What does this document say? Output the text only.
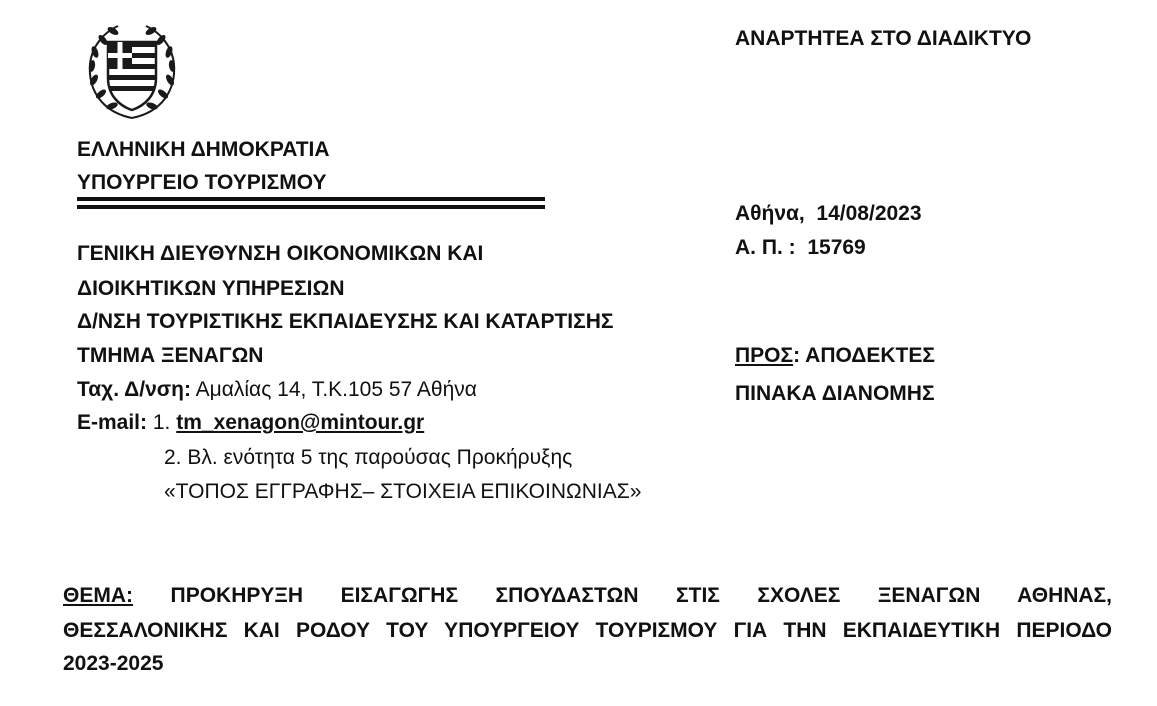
ΕΛΛΗΝΙΚΗ ΔΗΜΟΚΡΑΤΙΑ
ΥΠΟΥΡΓΕΙΟ ΤΟΥΡΙΣΜΟΥ
ΓΕΝΙΚΗ ΔΙΕΥΘΥΝΣΗ ΟΙΚΟΝΟΜΙΚΩΝ ΚΑΙ
ΔΙΟΙΚΗΤΙΚΩΝ ΥΠΗΡΕΣΙΩΝ
Δ/ΝΣΗ ΤΟΥΡΙΣΤΙΚΗΣ ΕΚΠΑΙΔΕΥΣΗΣ ΚΑΙ ΚΑΤΑΡΤΙΣΗΣ
ΤΜΗΜΑ ΞΕΝΑΓΩΝ
Ταχ. Δ/νση: Αμαλίας 14, Τ.Κ.105 57 Αθήνα
E-mail: 1. tm_xenagon@mintour.gr
2. Βλ. ενότητα 5 της παρούσας Προκήρυξης
«ΤΟΠΟΣ ΕΓΓΡΑΦΗΣ– ΣΤΟΙΧΕΙΑ ΕΠΙΚΟΙΝΩΝΙΑΣ»
ΑΝΑΡΤΗΤΕΑ ΣΤΟ ΔΙΑΔΙΚΤΥΟ
Αθήνα,  14/08/2023
Α. Π. :  15769
ΠΡΟΣ: ΑΠΟΔΕΚΤΕΣ
ΠΙΝΑΚΑ ΔΙΑΝΟΜΗΣ
ΘΕΜΑ: ΠΡΟΚΗΡΥΞΗ ΕΙΣΑΓΩΓΗΣ ΣΠΟΥΔΑΣΤΩΝ ΣΤΙΣ ΣΧΟΛΕΣ ΞΕΝΑΓΩΝ ΑΘΗΝΑΣ,
ΘΕΣΣΑΛΟΝΙΚΗΣ ΚΑΙ ΡΟΔΟΥ ΤΟΥ ΥΠΟΥΡΓΕΙΟΥ ΤΟΥΡΙΣΜΟΥ ΓΙΑ ΤΗΝ ΕΚΠΑΙΔΕΥΤΙΚΗ ΠΕΡΙΟΔΟ
2023-2025
